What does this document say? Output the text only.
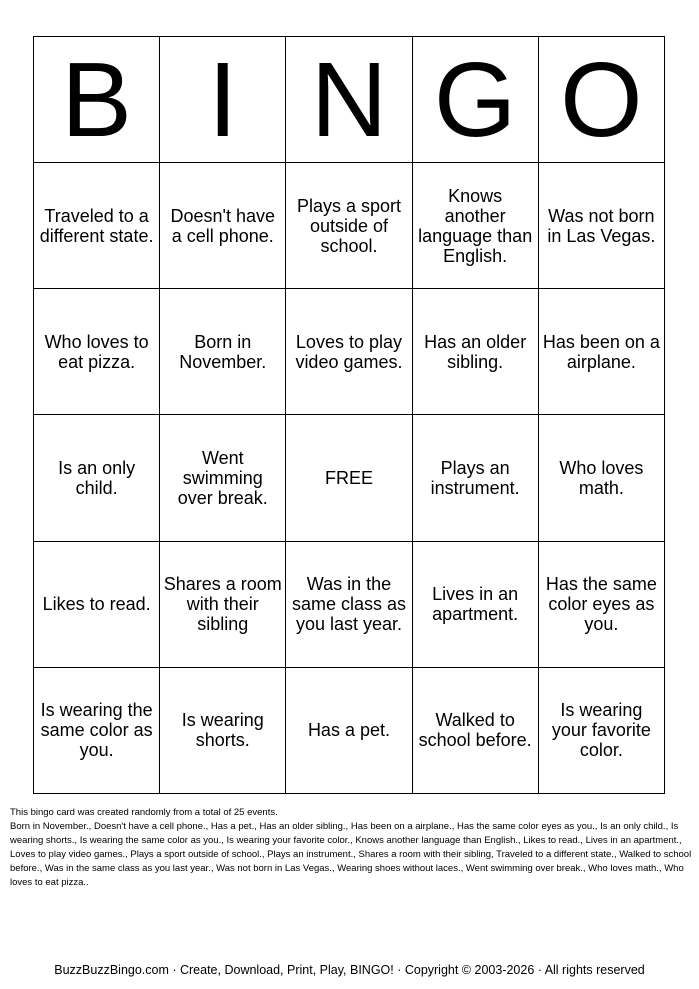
B	I	N	G	O
Traveled to a different state.	Doesn't have a cell phone.	Plays a sport outside of school.	Knows another language than English.	Was not born in Las Vegas.
Who loves to eat pizza.	Born in November.	Loves to play video games.	Has an older sibling.	Has been on a airplane.
Is an only child.	Went swimming over break.	FREE	Plays an instrument.	Who loves math.
Likes to read.	Shares a room with their sibling	Was in the same class as you last year.	Lives in an apartment.	Has the same color eyes as you.
Is wearing the same color as you.	Is wearing shorts.	Has a pet.	Walked to school before.	Is wearing your favorite color.

This bingo card was created randomly from a total of 25 events.

Born in November., Doesn't have a cell phone., Has a pet., Has an older sibling., Has been on a airplane., Has the same color eyes as you., Is an only child., Is wearing shorts., Is wearing the same color as you., Is wearing your favorite color., Knows another language than English., Likes to read., Lives in an apartment., Loves to play video games., Plays a sport outside of school., Plays an instrument., Shares a room with their sibling, Traveled to a different state., Walked to school before., Was in the same class as you last year., Was not born in Las Vegas., Wearing shoes without laces., Went swimming over break., Who loves math., Who loves to eat pizza..

BuzzBuzzBingo.com · Create, Download, Print, Play, BINGO! · Copyright © 2003-2026 · All rights reserved
